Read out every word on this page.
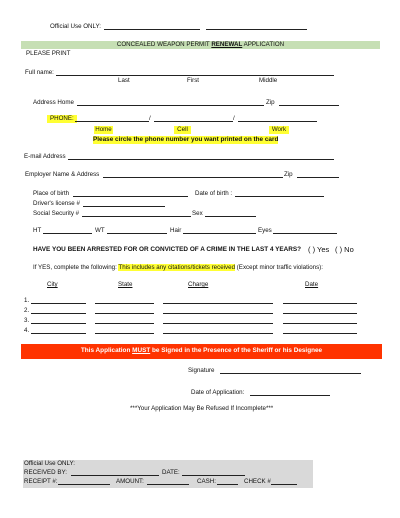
Official Use ONLY:
CONCEALED WEAPON PERMIT RENEWAL APPLICATION
PLEASE PRINT
Full name:
Last	First	Middle
Address Home	Zip
PHONE:	/	/
Home	Cell	Work
Please circle the phone number you want printed on the card
E-mail Address
Employer Name & Address	Zip
Place of birth	Date of birth :
Driver's license #
Social Security #	Sex
HT	WT	Hair	Eyes
HAVE YOU BEEN ARRESTED FOR OR CONVICTED OF A CRIME IN THE LAST 4 YEARS? ( ) Yes ( ) No
If YES, complete the following: This includes any citations/tickets received (Except minor traffic violations):
City	State	Charge	Date
1.
2.
3.
4.
This Application MUST be Signed in the Presence of the Sheriff or his Designee
Signature
Date of Application:
***Your Application May Be Refused If Incomplete***
Official Use ONLY:
RECEIVED BY:	DATE:
RECEIPT #:	AMOUNT:	CASH:	CHECK #
